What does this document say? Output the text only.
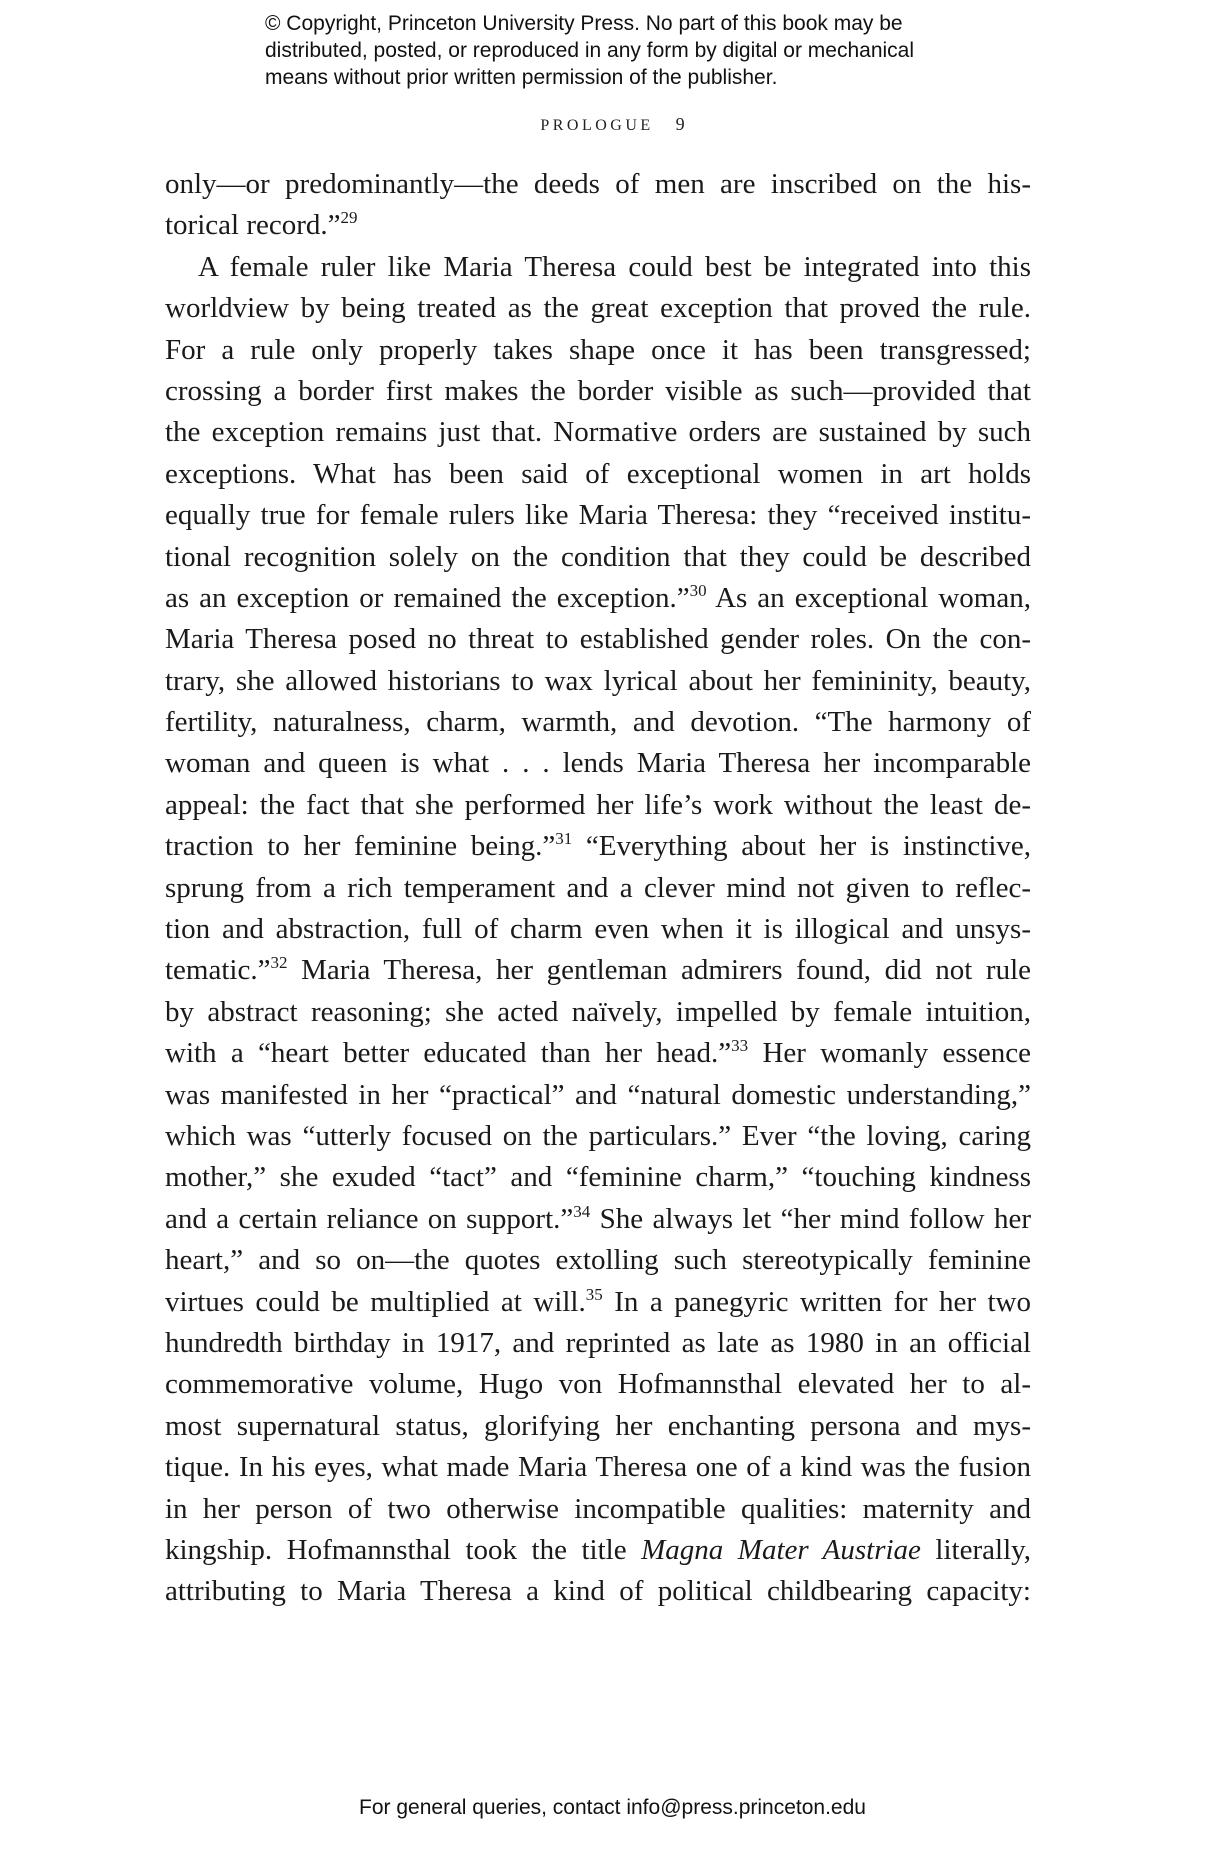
© Copyright, Princeton University Press. No part of this book may be
distributed, posted, or reproduced in any form by digital or mechanical
means without prior written permission of the publisher.
PROLOGUE 9
only—or predominantly—the deeds of men are inscribed on the his-
torical record.”$^{29}$
A female ruler like Maria Theresa could best be integrated into this
worldview by being treated as the great exception that proved the rule.
For a rule only properly takes shape once it has been transgressed;
crossing a border first makes the border visible as such—provided that
the exception remains just that. Normative orders are sustained by such
exceptions. What has been said of exceptional women in art holds
equally true for female rulers like Maria Theresa: they “received institu-
tional recognition solely on the condition that they could be described
as an exception or remained the exception.”$^{30}$ As an exceptional woman,
Maria Theresa posed no threat to established gender roles. On the con-
trary, she allowed historians to wax lyrical about her femininity, beauty,
fertility, naturalness, charm, warmth, and devotion. “The harmony of
woman and queen is what . . . lends Maria Theresa her incomparable
appeal: the fact that she performed her life’s work without the least de-
traction to her feminine being.”$^{31}$ “Everything about her is instinctive,
sprung from a rich temperament and a clever mind not given to reflec-
tion and abstraction, full of charm even when it is illogical and unsys-
tematic.”$^{32}$ Maria Theresa, her gentleman admirers found, did not rule
by abstract reasoning; she acted naïvely, impelled by female intuition,
with a “heart better educated than her head.”$^{33}$ Her womanly essence
was manifested in her “practical” and “natural domestic understanding,”
which was “utterly focused on the particulars.” Ever “the loving, caring
mother,” she exuded “tact” and “feminine charm,” “touching kindness
and a certain reliance on support.”$^{34}$ She always let “her mind follow her
heart,” and so on—the quotes extolling such stereotypically feminine
virtues could be multiplied at will.$^{35}$ In a panegyric written for her two
hundredth birthday in 1917, and reprinted as late as 1980 in an official
commemorative volume, Hugo von Hofmannsthal elevated her to al-
most supernatural status, glorifying her enchanting persona and mys-
tique. In his eyes, what made Maria Theresa one of a kind was the fusion
in her person of two otherwise incompatible qualities: maternity and
kingship. Hofmannsthal took the title Magna Mater Austriae literally,
attributing to Maria Theresa a kind of political childbearing capacity:
For general queries, contact info@press.princeton.edu
